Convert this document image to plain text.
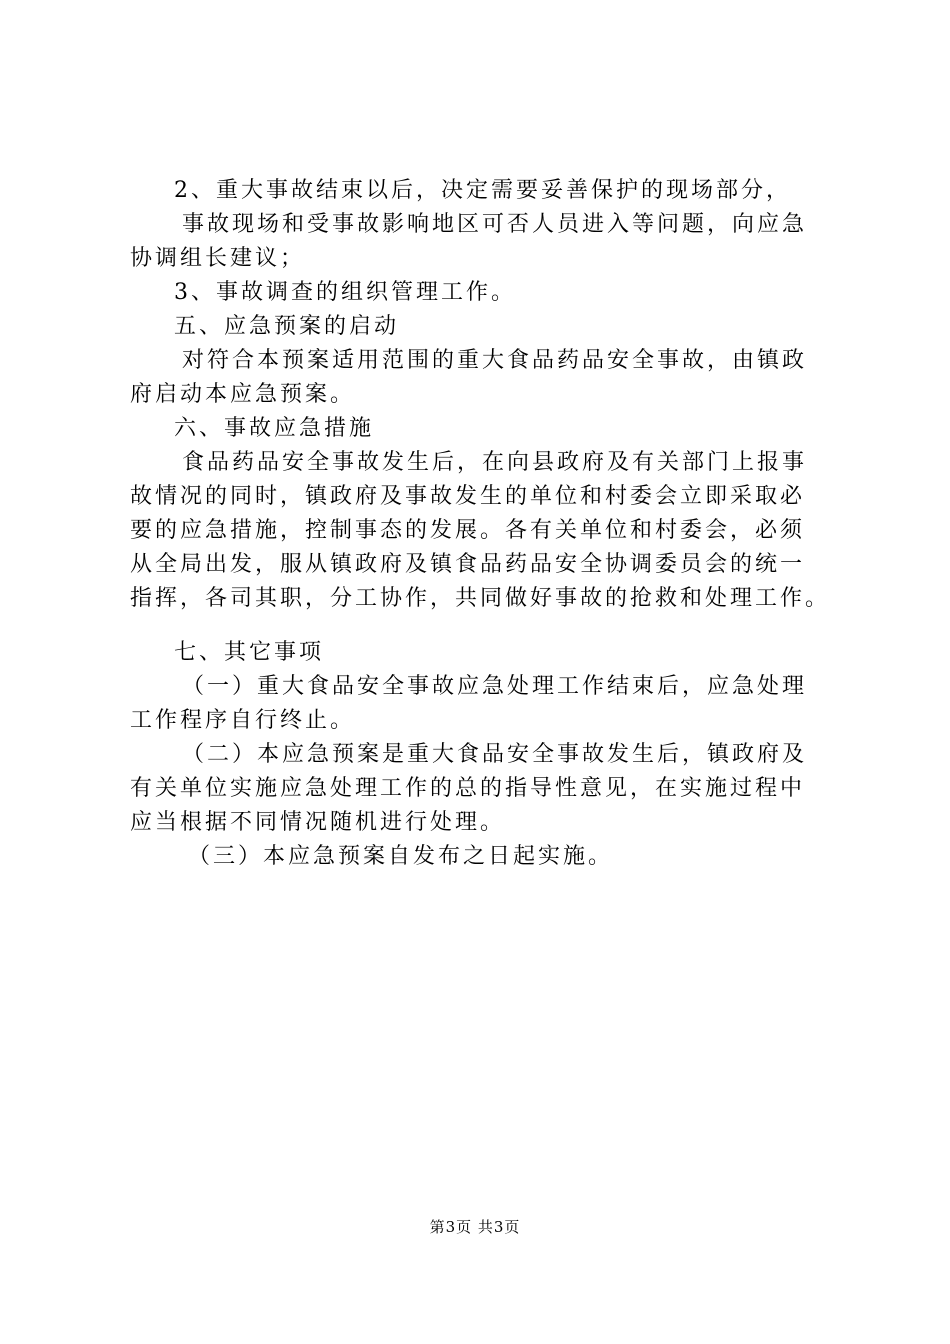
2、重大事故结束以后，决定需要妥善保护的现场部分，
事故现场和受事故影响地区可否人员进入等问题，向应急
协调组长建议；
3、事故调查的组织管理工作。
五、应急预案的启动
对符合本预案适用范围的重大食品药品安全事故，由镇政
府启动本应急预案。
六、事故应急措施
食品药品安全事故发生后，在向县政府及有关部门上报事
故情况的同时，镇政府及事故发生的单位和村委会立即采取必
要的应急措施，控制事态的发展。各有关单位和村委会，必须
从全局出发，服从镇政府及镇食品药品安全协调委员会的统一
指挥，各司其职，分工协作，共同做好事故的抢救和处理工作。
七、其它事项
（一）重大食品安全事故应急处理工作结束后，应急处理
工作程序自行终止。
（二）本应急预案是重大食品安全事故发生后，镇政府及
有关单位实施应急处理工作的总的指导性意见，在实施过程中
应当根据不同情况随机进行处理。
（三）本应急预案自发布之日起实施。
第3页 共3页
